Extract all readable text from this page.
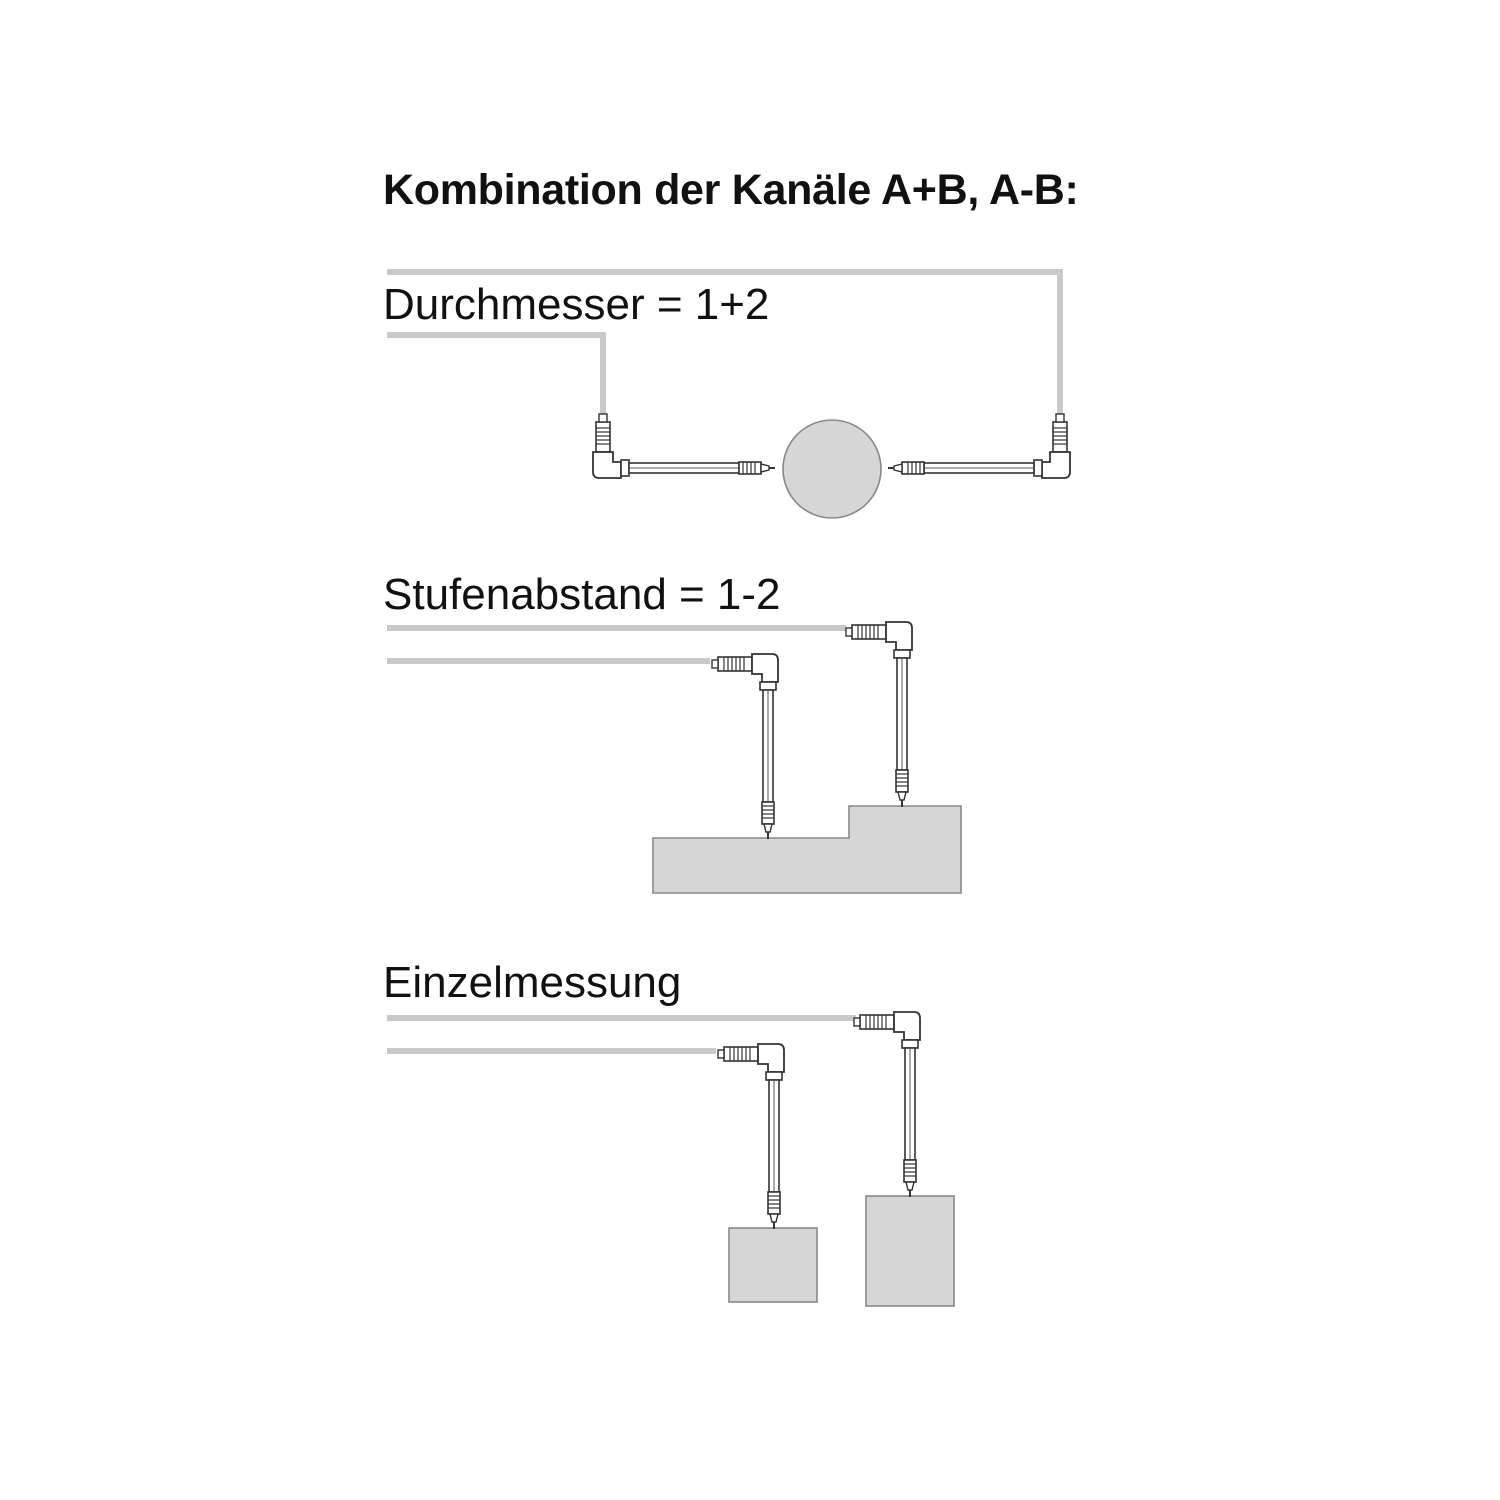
Kombination der Kanäle A+B, A-B:
Durchmesser = 1+2
Stufenabstand = 1-2
Einzelmessung
